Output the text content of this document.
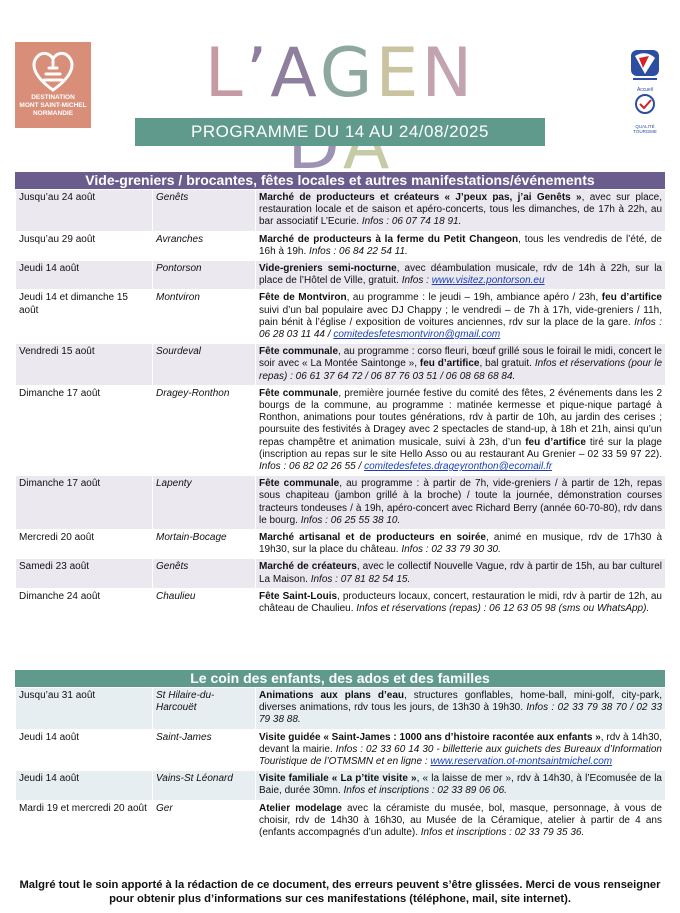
DESTINATION
MONT SAINT-MICHEL
NORMANDIE
L’AGEN
PROGRAMME DU 14 AU 24/08/2025
Accueil
QUALITÉ TOURISME
Vide-greniers / brocantes, fêtes locales et autres manifestations/événements
Jusqu’au 24 août	Genêts	Marché de producteurs et créateurs « J’peux pas, j’ai Genêts », avec sur place, restauration locale et de saison et apéro-concerts, tous les dimanches, de 17h à 22h, au bar associatif L’Ecurie. Infos : 06 07 74 18 91.
Jusqu’au 29 août	Avranches	Marché de producteurs à la ferme du Petit Changeon, tous les vendredis de l’été, de 16h à 19h. Infos : 06 84 22 54 11.
Jeudi 14 août	Pontorson	Vide-greniers semi-nocturne, avec déambulation musicale, rdv de 14h à 22h, sur la place de l’Hôtel de Ville, gratuit. Infos : www.visitez.pontorson.eu
Jeudi 14 et dimanche 15 août	Montviron	Fête de Montviron, au programme : le jeudi – 19h, ambiance apéro / 23h, feu d’artifice suivi d’un bal populaire avec DJ Chappy ; le vendredi – de 7h à 17h, vide-greniers / 11h, pain bénit à l’église / exposition de voitures anciennes, rdv sur la place de la gare. Infos : 06 28 03 11 44 / comitedesfetesmontviron@gmail.com
Vendredi 15 août	Sourdeval	Fête communale, au programme : corso fleuri, bœuf grillé sous le foirail le midi, concert le soir avec « La Montée Saintonge », feu d’artifice, bal gratuit. Infos et réservations (pour le repas) : 06 61 37 64 72 / 06 87 76 03 51 / 06 08 68 68 84.
Dimanche 17 août	Dragey-Ronthon	Fête communale, première journée festive du comité des fêtes, 2 événements dans les 2 bourgs de la commune, au programme : matinée kermesse et pique-nique partagé à Ronthon, animations pour toutes générations, rdv à partir de 10h, au jardin des cerises ; poursuite des festivités à Dragey avec 2 spectacles de stand-up, à 18h et 21h, ainsi qu’un repas champêtre et animation musicale, suivi à 23h, d’un feu d’artifice tiré sur la plage (inscription au repas sur le site Hello Asso ou au restaurant Au Grenier – 02 33 59 97 22). Infos : 06 82 02 26 55 / comitedesfetes.drageyronthon@ecomail.fr
Dimanche 17 août	Lapenty	Fête communale, au programme : à partir de 7h, vide-greniers / à partir de 12h, repas sous chapiteau (jambon grillé à la broche) / toute la journée, démonstration courses tracteurs tondeuses / à 19h, apéro-concert avec Richard Berry (année 60-70-80), rdv dans le bourg. Infos : 06 25 55 38 10.
Mercredi 20 août	Mortain-Bocage	Marché artisanal et de producteurs en soirée, animé en musique, rdv de 17h30 à 19h30, sur la place du château. Infos : 02 33 79 30 30.
Samedi 23 août	Genêts	Marché de créateurs, avec le collectif Nouvelle Vague, rdv à partir de 15h, au bar culturel La Maison. Infos : 07 81 82 54 15.
Dimanche 24 août	Chaulieu	Fête Saint-Louis, producteurs locaux, concert, restauration le midi, rdv à partir de 12h, au château de Chaulieu. Infos et réservations (repas) : 06 12 63 05 98 (sms ou WhatsApp).
Le coin des enfants, des ados et des familles
Jusqu’au 31 août	St Hilaire-du-Harcouët	Animations aux plans d’eau, structures gonflables, home-ball, mini-golf, city-park, diverses animations, rdv tous les jours, de 13h30 à 19h30. Infos : 02 33 79 38 70 / 02 33 79 38 88.
Jeudi 14 août	Saint-James	Visite guidée « Saint-James : 1000 ans d’histoire racontée aux enfants », rdv à 14h30, devant la mairie. Infos : 02 33 60 14 30 - billetterie aux guichets des Bureaux d’Information Touristique de l’OTMSMN et en ligne : www.reservation.ot-montsaintmichel.com
Jeudi 14 août	Vains-St Léonard	Visite familiale « La p’tite visite », « la laisse de mer », rdv à 14h30, à l’Ecomusée de la Baie, durée 30mn. Infos et inscriptions : 02 33 89 06 06.
Mardi 19 et mercredi 20 août	Ger	Atelier modelage avec la céramiste du musée, bol, masque, personnage, à vous de choisir, rdv de 14h30 à 16h30, au Musée de la Céramique, atelier à partir de 4 ans (enfants accompagnés d’un adulte). Infos et inscriptions : 02 33 79 35 36.
Malgré tout le soin apporté à la rédaction de ce document, des erreurs peuvent s’être glissées. Merci de vous renseigner pour obtenir plus d’informations sur ces manifestations (téléphone, mail, site internet).
